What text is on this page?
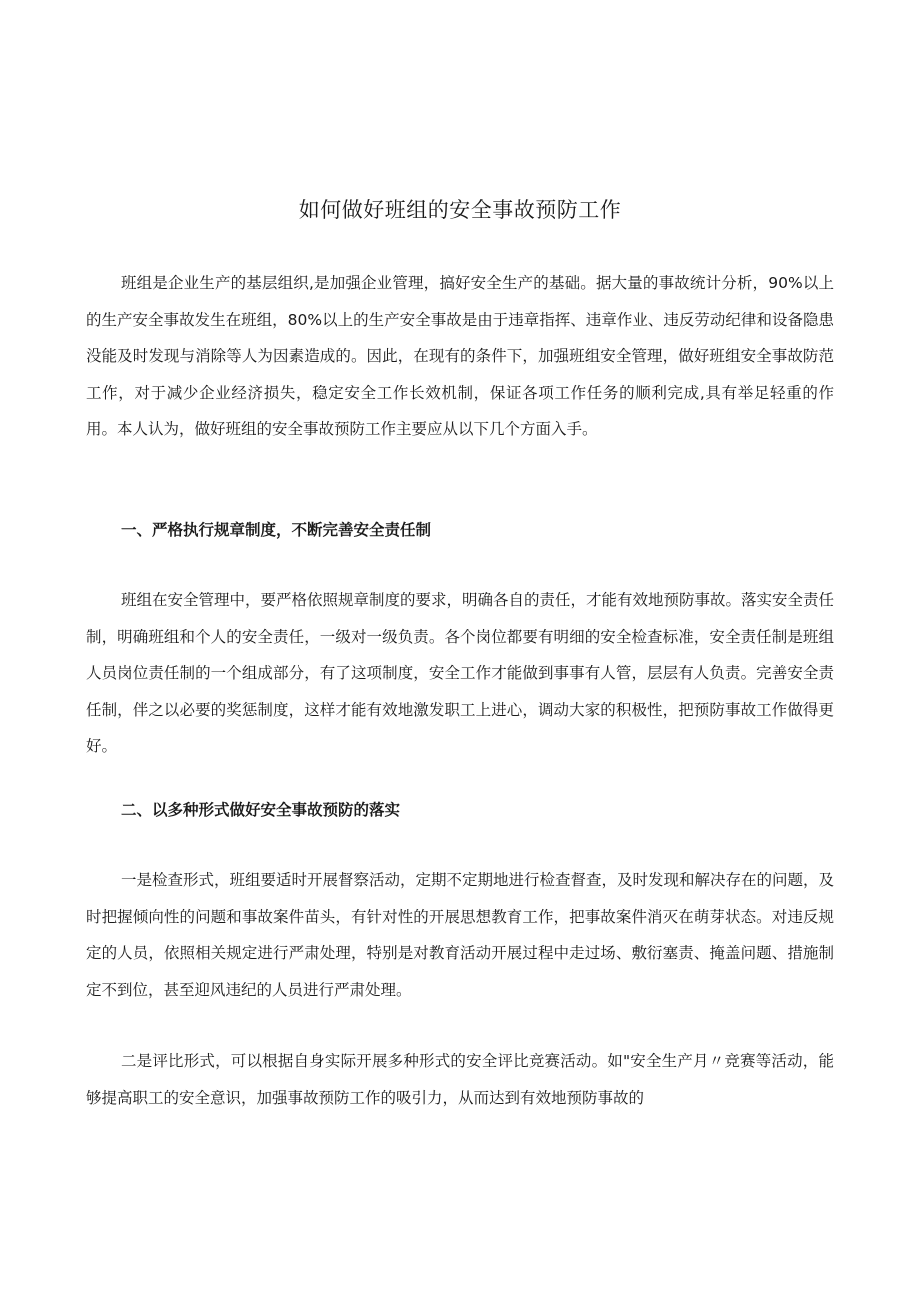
如何做好班组的安全事故预防工作

班组是企业生产的基层组织,是加强企业管理，搞好安全生产的基础。据大量的事故统计分析，90%以上的生产安全事故发生在班组，80%以上的生产安全事故是由于违章指挥、违章作业、违反劳动纪律和设备隐患没能及时发现与消除等人为因素造成的。因此，在现有的条件下，加强班组安全管理，做好班组安全事故防范工作，对于减少企业经济损失，稳定安全工作长效机制，保证各项工作任务的顺利完成,具有举足轻重的作用。本人认为，做好班组的安全事故预防工作主要应从以下几个方面入手。

一、严格执行规章制度，不断完善安全责任制

班组在安全管理中，要严格依照规章制度的要求，明确各自的责任，才能有效地预防事故。落实安全责任制，明确班组和个人的安全责任，一级对一级负责。各个岗位都要有明细的安全检查标准，安全责任制是班组人员岗位责任制的一个组成部分，有了这项制度，安全工作才能做到事事有人管，层层有人负责。完善安全责任制，伴之以必要的奖惩制度，这样才能有效地激发职工上进心，调动大家的积极性，把预防事故工作做得更好。

二、以多种形式做好安全事故预防的落实

一是检查形式，班组要适时开展督察活动，定期不定期地进行检查督查，及时发现和解决存在的问题，及时把握倾向性的问题和事故案件苗头，有针对性的开展思想教育工作，把事故案件消灭在萌芽状态。对违反规定的人员，依照相关规定进行严肃处理，特别是对教育活动开展过程中走过场、敷衍塞责、掩盖问题、措施制定不到位，甚至迎风违纪的人员进行严肃处理。

二是评比形式，可以根据自身实际开展多种形式的安全评比竞赛活动。如"安全生产月〃竞赛等活动，能够提高职工的安全意识，加强事故预防工作的吸引力，从而达到有效地预防事故的
